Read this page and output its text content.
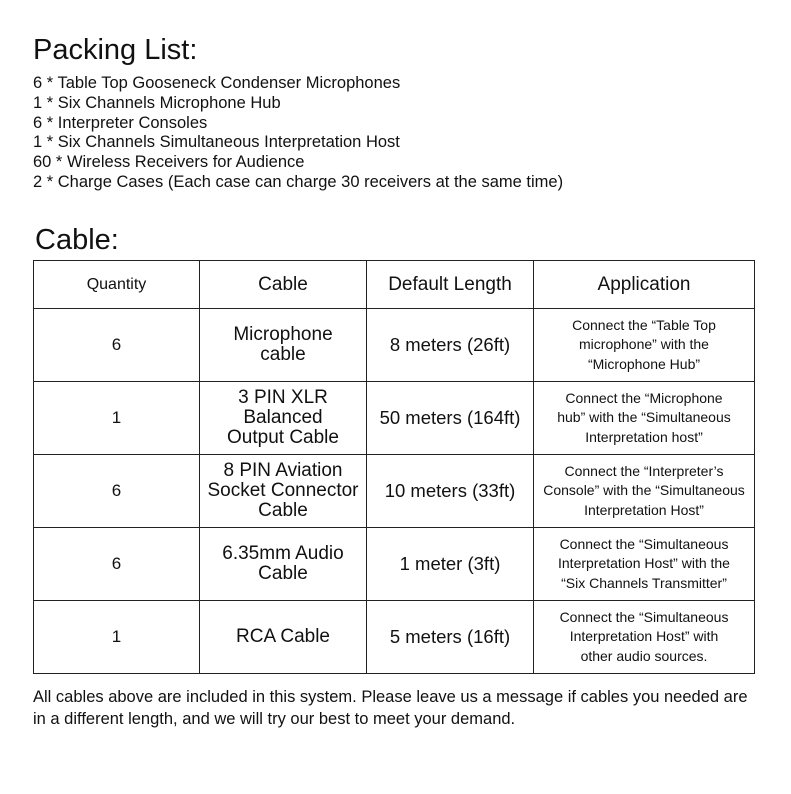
Packing List:
6 * Table Top Gooseneck Condenser Microphones
1 * Six Channels Microphone Hub
6 * Interpreter Consoles
1 * Six Channels Simultaneous Interpretation Host
60 * Wireless Receivers for Audience
2 * Charge Cases (Each case can charge 30 receivers at the same time)
Cable:
Quantity	Cable	Default Length	Application
6	Microphone
cable	8 meters (26ft)	Connect the “Table Top
microphone” with the
“Microphone Hub”
1	3 PIN XLR
Balanced
Output Cable	50 meters (164ft)	Connect the “Microphone
hub” with the “Simultaneous
Interpretation host”
6	8 PIN Aviation
Socket Connector
Cable	10 meters (33ft)	Connect the “Interpreter’s
Console” with the “Simultaneous
Interpretation Host”
6	6.35mm Audio
Cable	1 meter (3ft)	Connect the “Simultaneous
Interpretation Host” with the
“Six Channels Transmitter”
1	RCA Cable	5 meters (16ft)	Connect the “Simultaneous
Interpretation Host” with
other audio sources.

All cables above are included in this system. Please leave us a message if cables you needed are in a different length, and we will try our best to meet your demand.
